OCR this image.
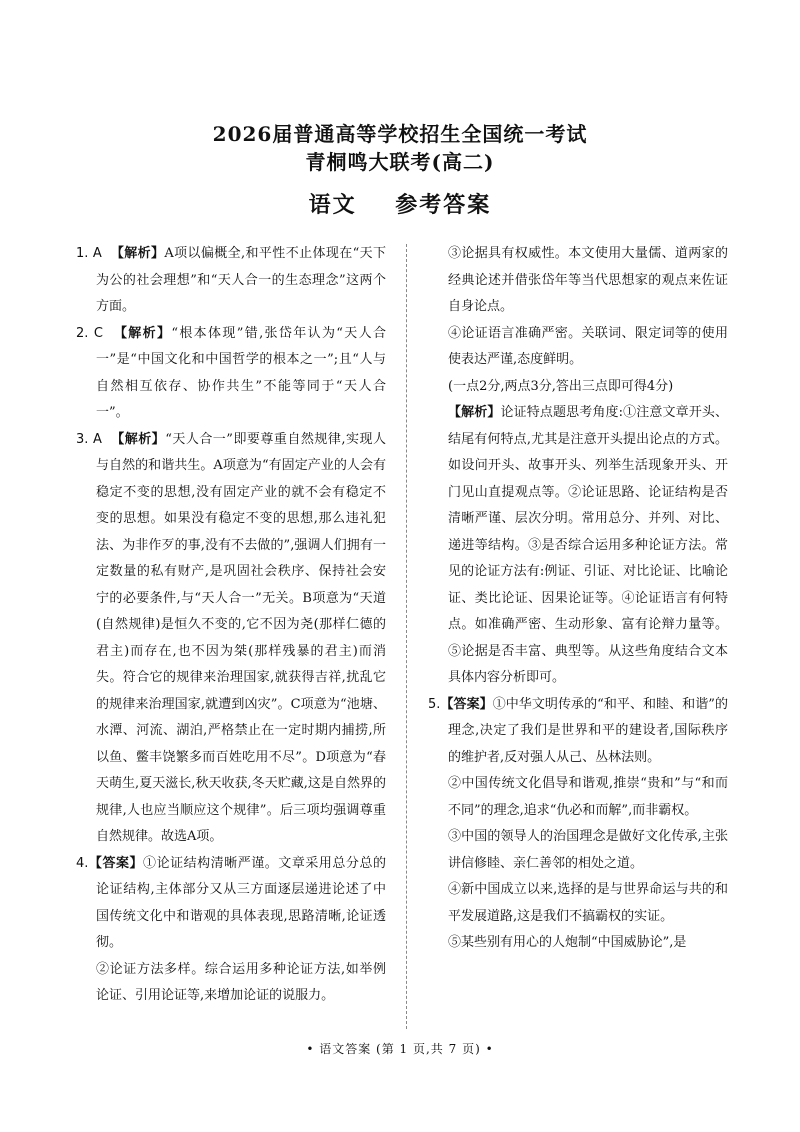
2026届普通高等学校招生全国统一考试
青桐鸣大联考(高二)
语文    参考答案

1. A 【解析】A项以偏概全,和平性不止体现在“天下为公的社会理想”和“天人合一的生态理念”这两个方面。

2. C 【解析】“根本体现”错,张岱年认为“天人合一”是“中国文化和中国哲学的根本之一”;且“人与自然相互依存、协作共生”不能等同于“天人合一”。

3. A 【解析】“天人合一”即要尊重自然规律,实现人与自然的和谐共生。A项意为“有固定产业的人会有稳定不变的思想,没有固定产业的就不会有稳定不变的思想。如果没有稳定不变的思想,那么违礼犯法、为非作歹的事,没有不去做的”,强调人们拥有一定数量的私有财产,是巩固社会秩序、保持社会安宁的必要条件,与“天人合一”无关。B项意为“天道(自然规律)是恒久不变的,它不因为尧(那样仁德的君主)而存在,也不因为桀(那样残暴的君主)而消失。符合它的规律来治理国家,就获得吉祥,扰乱它的规律来治理国家,就遭到凶灾”。C项意为“池塘、水潭、河流、湖泊,严格禁止在一定时期内捕捞,所以鱼、鳖丰饶繁多而百姓吃用不尽”。D项意为“春天萌生,夏天滋长,秋天收获,冬天贮藏,这是自然界的规律,人也应当顺应这个规律”。后三项均强调尊重自然规律。故选A项。

4.【答案】①论证结构清晰严谨。文章采用总分总的论证结构,主体部分又从三方面逐层递进论述了中国传统文化中和谐观的具体表现,思路清晰,论证透彻。

②论证方法多样。综合运用多种论证方法,如举例论证、引用论证等,来增加论证的说服力。

③论据具有权威性。本文使用大量儒、道两家的经典论述并借张岱年等当代思想家的观点来佐证自身论点。

④论证语言准确严密。关联词、限定词等的使用使表达严谨,态度鲜明。

(一点2分,两点3分,答出三点即可得4分)

【解析】论证特点题思考角度:①注意文章开头、结尾有何特点,尤其是注意开头提出论点的方式。如设问开头、故事开头、列举生活现象开头、开门见山直提观点等。②论证思路、论证结构是否清晰严谨、层次分明。常用总分、并列、对比、递进等结构。③是否综合运用多种论证方法。常见的论证方法有:例证、引证、对比论证、比喻论证、类比论证、因果论证等。④论证语言有何特点。如准确严密、生动形象、富有论辩力量等。⑤论据是否丰富、典型等。从这些角度结合文本具体内容分析即可。

5.【答案】①中华文明传承的“和平、和睦、和谐”的理念,决定了我们是世界和平的建设者,国际秩序的维护者,反对强人从己、丛林法则。

②中国传统文化倡导和谐观,推崇“贵和”与“和而不同”的理念,追求“仇必和而解”,而非霸权。

③中国的领导人的治国理念是做好文化传承,主张讲信修睦、亲仁善邻的相处之道。

④新中国成立以来,选择的是与世界命运与共的和平发展道路,这是我们不搞霸权的实证。

⑤某些别有用心的人炮制“中国威胁论”,是

• 语文答案 (第 1 页,共 7 页) •
